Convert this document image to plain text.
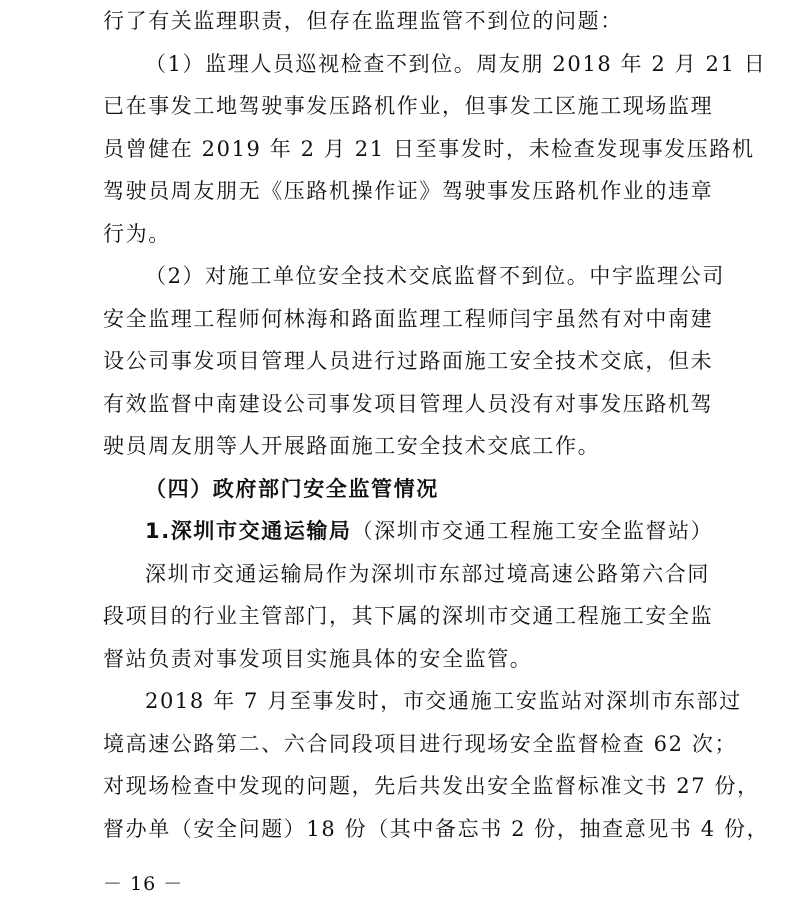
行了有关监理职责，但存在监理监管不到位的问题：
（1）监理人员巡视检查不到位。周友朋 2018 年 2 月 21 日
已在事发工地驾驶事发压路机作业，但事发工区施工现场监理
员曾健在 2019 年 2 月 21 日至事发时，未检查发现事发压路机
驾驶员周友朋无《压路机操作证》驾驶事发压路机作业的违章
行为。
（2）对施工单位安全技术交底监督不到位。中宇监理公司
安全监理工程师何林海和路面监理工程师闫宇虽然有对中南建
设公司事发项目管理人员进行过路面施工安全技术交底，但未
有效监督中南建设公司事发项目管理人员没有对事发压路机驾
驶员周友朋等人开展路面施工安全技术交底工作。
（四）政府部门安全监管情况
1.深圳市交通运输局（深圳市交通工程施工安全监督站）
深圳市交通运输局作为深圳市东部过境高速公路第六合同
段项目的行业主管部门，其下属的深圳市交通工程施工安全监
督站负责对事发项目实施具体的安全监管。
2018 年 7 月至事发时，市交通施工安监站对深圳市东部过
境高速公路第二、六合同段项目进行现场安全监督检查 62 次；
对现场检查中发现的问题，先后共发出安全监督标准文书 27 份，
督办单（安全问题）18 份（其中备忘书 2 份，抽查意见书 4 份，
－ 16 －
